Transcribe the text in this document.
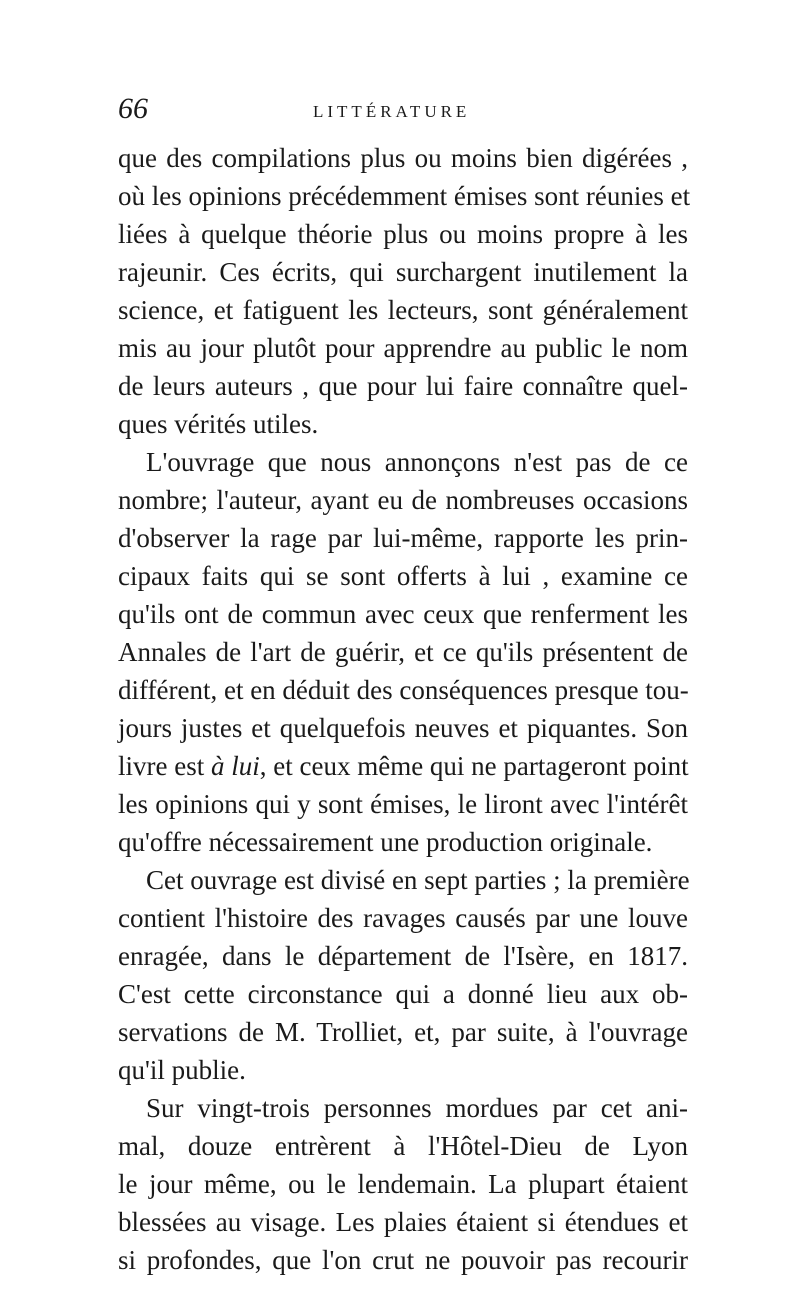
66	LITTÉRATURE
que des compilations plus ou moins bien digérées ,
où les opinions précédemment émises sont réunies et
liées à quelque théorie plus ou moins propre à les
rajeunir. Ces écrits, qui surchargent inutilement la
science, et fatiguent les lecteurs, sont généralement
mis au jour plutôt pour apprendre au public le nom
de leurs auteurs , que pour lui faire connaître quel-
ques vérités utiles.
L'ouvrage que nous annonçons n'est pas de ce
nombre; l'auteur, ayant eu de nombreuses occasions
d'observer la rage par lui-même, rapporte les prin-
cipaux faits qui se sont offerts à lui , examine ce
qu'ils ont de commun avec ceux que renferment les
Annales de l'art de guérir, et ce qu'ils présentent de
différent, et en déduit des conséquences presque tou-
jours justes et quelquefois neuves et piquantes. Son
livre est à lui, et ceux même qui ne partageront point
les opinions qui y sont émises, le liront avec l'intérêt
qu'offre nécessairement une production originale.
Cet ouvrage est divisé en sept parties ; la première
contient l'histoire des ravages causés par une louve
enragée, dans le département de l'Isère, en 1817.
C'est cette circonstance qui a donné lieu aux ob-
servations de M. Trolliet, et, par suite, à l'ouvrage
qu'il publie.
Sur vingt-trois personnes mordues par cet ani-
mal, douze entrèrent à l'Hôtel-Dieu de Lyon
le jour même, ou le lendemain. La plupart étaient
blessées au visage. Les plaies étaient si étendues et
si profondes, que l'on crut ne pouvoir pas recourir
